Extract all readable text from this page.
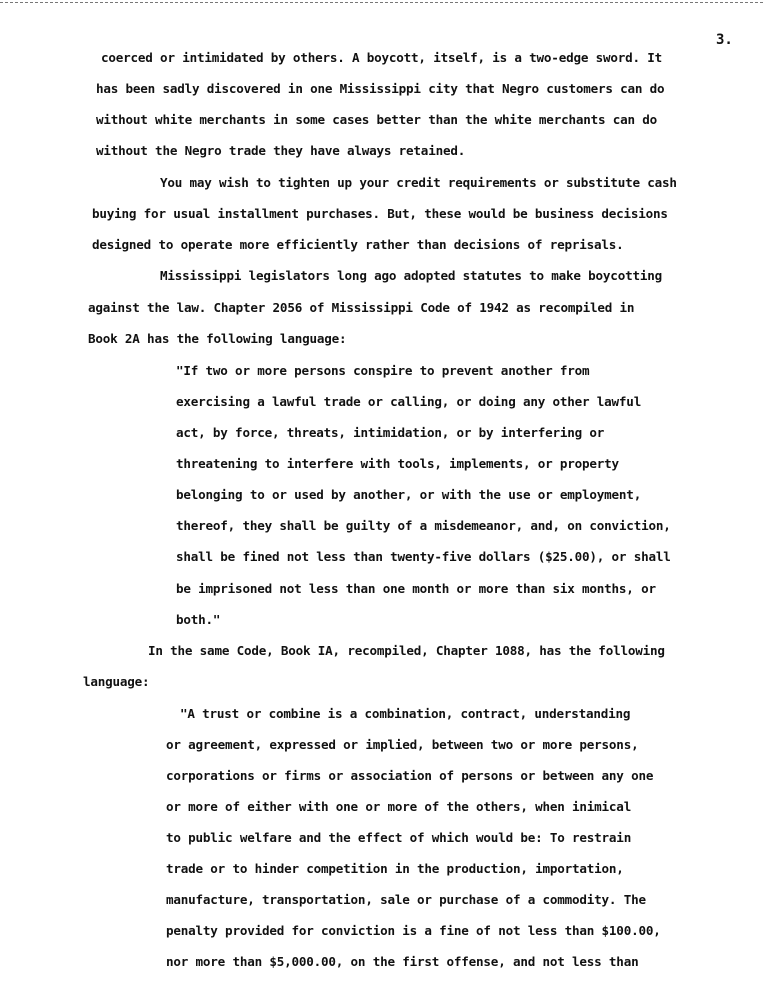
3.
coerced or intimidated by others. A boycott, itself, is a two-edge sword. It
has been sadly discovered in one Mississippi city that Negro customers can do
without white merchants in some cases better than the white merchants can do
without the Negro trade they have always retained.
You may wish to tighten up your credit requirements or substitute cash
buying for usual installment purchases. But, these would be business decisions
designed to operate more efficiently rather than decisions of reprisals.
Mississippi legislators long ago adopted statutes to make boycotting
against the law. Chapter 2056 of Mississippi Code of 1942 as recompiled in
Book 2A has the following language:
"If two or more persons conspire to prevent another from
exercising a lawful trade or calling, or doing any other lawful
act, by force, threats, intimidation, or by interfering or
threatening to interfere with tools, implements, or property
belonging to or used by another, or with the use or employment,
thereof, they shall be guilty of a misdemeanor, and, on conviction,
shall be fined not less than twenty-five dollars ($25.00), or shall
be imprisoned not less than one month or more than six months, or
both."
In the same Code, Book IA, recompiled, Chapter 1088, has the following
language:
"A trust or combine is a combination, contract, understanding
or agreement, expressed or implied, between two or more persons,
corporations or firms or association of persons or between any one
or more of either with one or more of the others, when inimical
to public welfare and the effect of which would be: To restrain
trade or to hinder competition in the production, importation,
manufacture, transportation, sale or purchase of a commodity. The
penalty provided for conviction is a fine of not less than $100.00,
nor more than $5,000.00, on the first offense, and not less than
